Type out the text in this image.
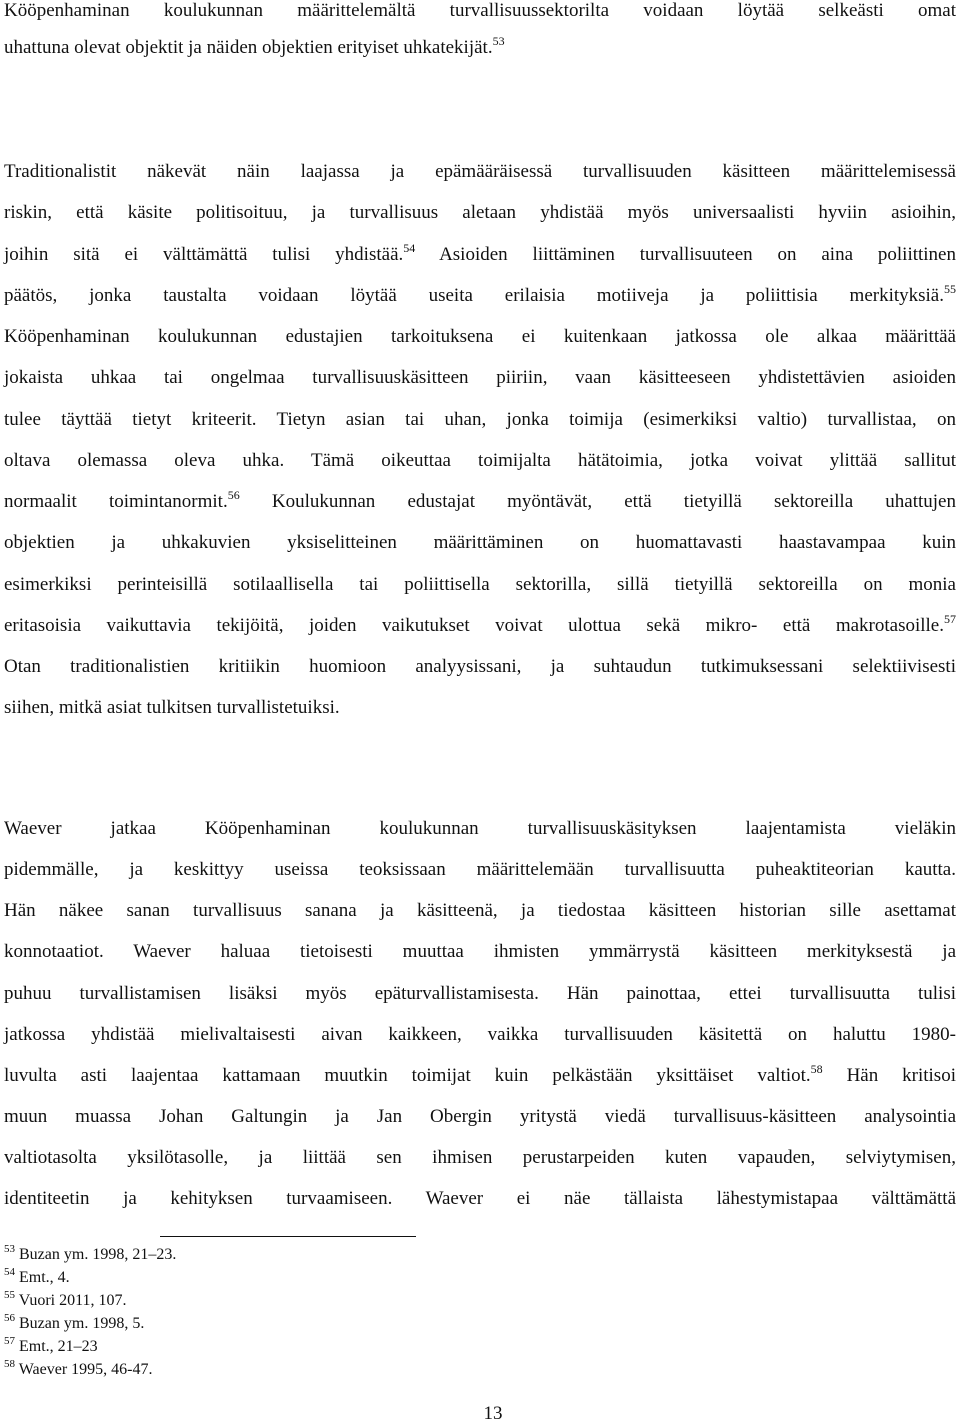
Kööpenhaminan koulukunnan määrittelemältä turvallisuussektorilta voidaan löytää selkeästi omat
uhattuna olevat objektit ja näiden objektien erityiset uhkatekijät.$^{53}$
Traditionalistit näkevät näin laajassa ja epämääräisessä turvallisuuden käsitteen määrittelemisessä
riskin, että käsite politisoituu, ja turvallisuus aletaan yhdistää myös universaalisti hyviin asioihin,
joihin sitä ei välttämättä tulisi yhdistää.$^{54}$ Asioiden liittäminen turvallisuuteen on aina poliittinen
päätös, jonka taustalta voidaan löytää useita erilaisia motiiveja ja poliittisia merkityksiä.$^{55}$
Kööpenhaminan koulukunnan edustajien tarkoituksena ei kuitenkaan jatkossa ole alkaa määrittää
jokaista uhkaa tai ongelmaa turvallisuuskäsitteen piiriin, vaan käsitteeseen yhdistettävien asioiden
tulee täyttää tietyt kriteerit. Tietyn asian tai uhan, jonka toimija (esimerkiksi valtio) turvallistaa, on
oltava olemassa oleva uhka. Tämä oikeuttaa toimijalta hätätoimia, jotka voivat ylittää sallitut
normaalit toimintanormit.$^{56}$ Koulukunnan edustajat myöntävät, että tietyillä sektoreilla uhattujen
objektien ja uhkakuvien yksiselitteinen määrittäminen on huomattavasti haastavampaa kuin
esimerkiksi perinteisillä sotilaallisella tai poliittisella sektorilla, sillä tietyillä sektoreilla on monia
eritasoisia vaikuttavia tekijöitä, joiden vaikutukset voivat ulottua sekä mikro- että makrotasoille.$^{57}$
Otan traditionalistien kritiikin huomioon analyysissani, ja suhtaudun tutkimuksessani selektiivisesti
siihen, mitkä asiat tulkitsen turvallistetuiksi.
Waever jatkaa Kööpenhaminan koulukunnan turvallisuuskäsityksen laajentamista vieläkin
pidemmälle, ja keskittyy useissa teoksissaan määrittelemään turvallisuutta puheaktiteorian kautta.
Hän näkee sanan turvallisuus sanana ja käsitteenä, ja tiedostaa käsitteen historian sille asettamat
konnotaatiot. Waever haluaa tietoisesti muuttaa ihmisten ymmärrystä käsitteen merkityksestä ja
puhuu turvallistamisen lisäksi myös epäturvallistamisesta. Hän painottaa, ettei turvallisuutta tulisi
jatkossa yhdistää mielivaltaisesti aivan kaikkeen, vaikka turvallisuuden käsitettä on haluttu 1980-
luvulta asti laajentaa kattamaan muutkin toimijat kuin pelkästään yksittäiset valtiot.$^{58}$ Hän kritisoi
muun muassa Johan Galtungin ja Jan Obergin yritystä viedä turvallisuus-käsitteen analysointia
valtiotasolta yksilötasolle, ja liittää sen ihmisen perustarpeiden kuten vapauden, selviytymisen,
identiteetin ja kehityksen turvaamiseen. Waever ei näe tällaista lähestymistapaa välttämättä
$^{53}$ Buzan ym. 1998, 21–23.
$^{54}$ Emt., 4.
$^{55}$ Vuori 2011, 107.
$^{56}$ Buzan ym. 1998, 5.
$^{57}$ Emt., 21–23
$^{58}$ Waever 1995, 46-47.
13
